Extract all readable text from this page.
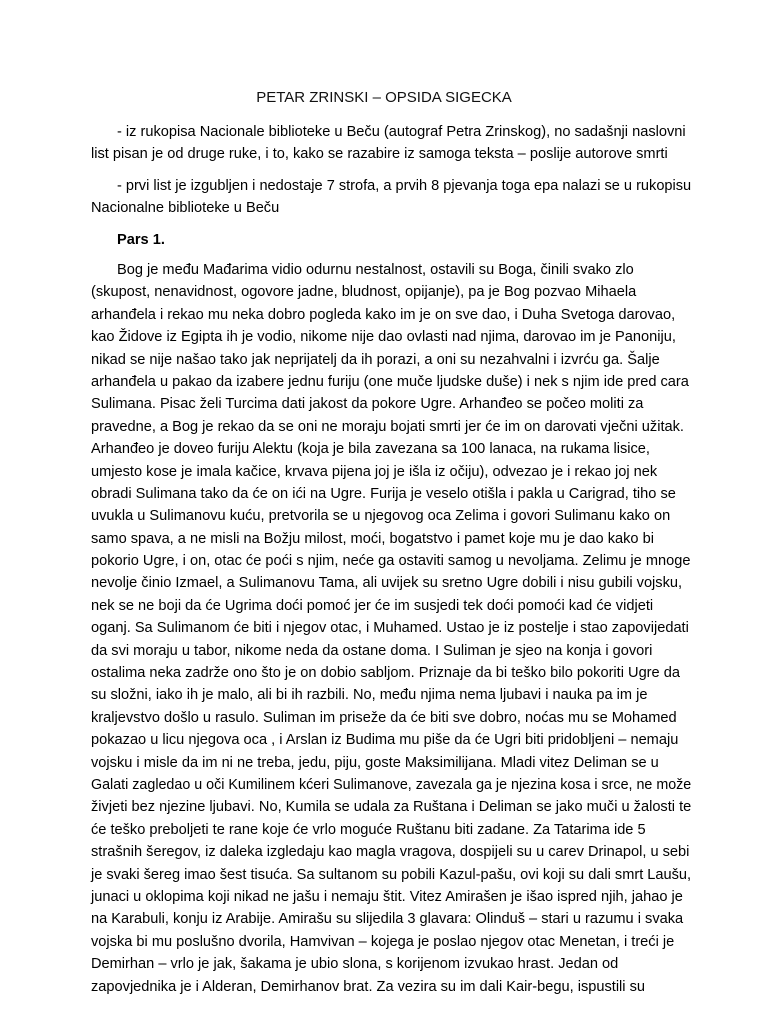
PETAR ZRINSKI – OPSIDA SIGECKA
- iz rukopisa Nacionale biblioteke u Beču (autograf Petra Zrinskog), no sadašnji naslovni
list pisan je od druge ruke, i to, kako se razabire iz samoga teksta – poslije autorove smrti
- prvi list je izgubljen i nedostaje 7 strofa, a prvih 8 pjevanja toga epa nalazi se u rukopisu
Nacionalne biblioteke u Beču
Pars 1.
Bog je među Mađarima vidio odurnu nestalnost, ostavili su Boga, činili svako zlo
(skupost, nenavidnost, ogovore jadne, bludnost, opijanje), pa je Bog pozvao Mihaela
arhanđela i rekao mu neka dobro pogleda kako im je on sve dao, i Duha Svetoga darovao,
kao Židove iz Egipta ih je vodio, nikome nije dao ovlasti nad njima, darovao im je Panoniju,
nikad se nije našao tako jak neprijatelj da ih porazi, a oni su nezahvalni i izvrću ga. Šalje
arhanđela u pakao da izabere jednu furiju (one muče ljudske duše) i nek s njim ide pred cara
Sulimana. Pisac želi Turcima dati jakost da pokore Ugre. Arhanđeo se počeo moliti za
pravedne, a Bog je rekao da se oni ne moraju bojati smrti jer će im on darovati vječni užitak.
Arhanđeo je doveo furiju Alektu (koja je bila zavezana sa 100 lanaca, na rukama lisice,
umjesto kose je imala kačice, krvava pijena joj je išla iz očiju), odvezao je i rekao joj nek
obradi Sulimana tako da će on ići na Ugre. Furija je veselo otišla i pakla u Carigrad, tiho se
uvukla u Sulimanovu kuću, pretvorila se u njegovog oca Zelima i govori Sulimanu kako on
samo spava, a ne misli na Božju milost, moći, bogatstvo i pamet koje mu je dao kako bi
pokorio Ugre, i on, otac će poći s njim, neće ga ostaviti samog u nevoljama. Zelimu je mnoge
nevolje činio Izmael, a Sulimanovu Tama, ali uvijek su sretno Ugre dobili i nisu gubili vojsku,
nek se ne boji da će Ugrima doći pomoć jer će im susjedi tek doći pomoći kad će vidjeti
oganj. Sa Sulimanom će biti i njegov otac, i Muhamed. Ustao je iz postelje i stao zapovijedati
da svi moraju u tabor, nikome neda da ostane doma. I Suliman je sjeo na konja i govori
ostalima neka zadrže ono što je on dobio sabljom. Priznaje da bi teško bilo pokoriti Ugre da
su složni, iako ih je malo, ali bi ih razbili. No, među njima nema ljubavi i nauka pa im je
kraljevstvo došlo u rasulo. Suliman im priseže da će biti sve dobro, noćas mu se Mohamed
pokazao u licu njegova oca , i Arslan iz Budima mu piše da će Ugri biti pridobljeni – nemaju
vojsku i misle da im ni ne treba, jedu, piju, goste Maksimilijana. Mladi vitez Deliman se u
Galati zagledao u oči Kumilinem kćeri Sulimanove, zavezala ga je njezina kosa i srce, ne može
živjeti bez njezine ljubavi. No, Kumila se udala za Ruštana i Deliman se jako muči u žalosti te
će teško preboljeti te rane koje će vrlo moguće Ruštanu biti zadane. Za Tatarima ide 5
strašnih šeregov, iz daleka izgledaju kao magla vragova, dospijeli su u carev Drinapol, u sebi
je svaki šereg imao šest tisuća. Sa sultanom su pobili Kazul-pašu, ovi koji su dali smrt Laušu,
junaci u oklopima koji nikad ne jašu i nemaju štit. Vitez Amirašen je išao ispred njih, jahao je
na Karabuli, konju iz Arabije. Amirašu su slijedila 3 glavara: Olinduš – stari u razumu i svaka
vojska bi mu poslušno dvorila, Hamvivan – kojega je poslao njegov otac Menetan, i treći je
Demirhan – vrlo je jak, šakama je ubio slona, s korijenom izvukao hrast. Jedan od
zapovjednika je i Alderan, Demirhanov brat. Za vezira su im dali Kair-begu, ispustili su
